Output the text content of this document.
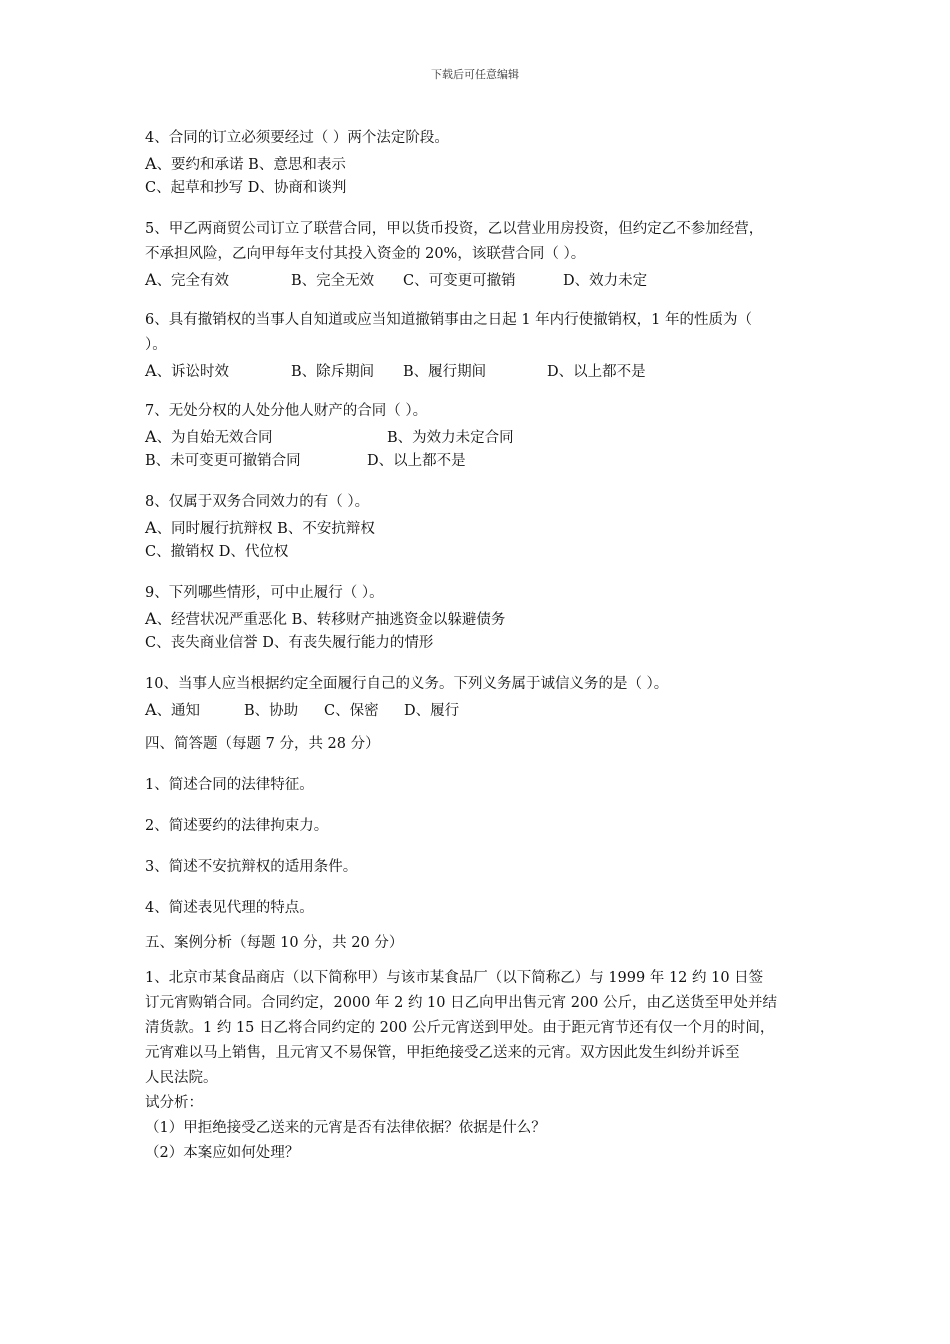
下载后可任意编辑
4、合同的订立必须要经过（ ）两个法定阶段。
A、要约和承诺 B、意思和表示
C、起草和抄写 D、协商和谈判
5、甲乙两商贸公司订立了联营合同，甲以货币投资，乙以营业用房投资，但约定乙不参加经营，
不承担风险，乙向甲每年支付其投入资金的 20%，该联营合同（ ）。
A、完全有效	B、完全无效 C、可变更可撤销	D、效力未定
6、具有撤销权的当事人自知道或应当知道撤销事由之日起 1 年内行使撤销权，1 年的性质为（
）。
A、诉讼时效	B、除斥期间 B、履行期间	D、以上都不是
7、无处分权的人处分他人财产的合同（ ）。
A、为自始无效合同	B、为效力未定合同
B、未可变更可撤销合同	D、以上都不是
8、仅属于双务合同效力的有（ ）。
A、同时履行抗辩权 B、不安抗辩权
C、撤销权 D、代位权
9、下列哪些情形，可中止履行（ ）。
A、经营状况严重恶化 B、转移财产抽逃资金以躲避债务
C、丧失商业信誉 D、有丧失履行能力的情形
10、当事人应当根据约定全面履行自己的义务。下列义务属于诚信义务的是（ ）。
A、通知	B、协助 C、保密 D、履行
四、简答题（每题 7 分，共 28 分）
1、简述合同的法律特征。
2、简述要约的法律拘束力。
3、简述不安抗辩权的适用条件。
4、简述表见代理的特点。
五、案例分析（每题 10 分，共 20 分）
1、北京市某食品商店（以下简称甲）与该市某食品厂（以下简称乙）与 1999 年 12 约 10 日签
订元宵购销合同。合同约定，2000 年 2 约 10 日乙向甲出售元宵 200 公斤，由乙送货至甲处并结
清货款。1 约 15 日乙将合同约定的 200 公斤元宵送到甲处。由于距元宵节还有仅一个月的时间，
元宵难以马上销售，且元宵又不易保管，甲拒绝接受乙送来的元宵。双方因此发生纠纷并诉至
人民法院。
试分析：
（1）甲拒绝接受乙送来的元宵是否有法律依据？依据是什么？
（2）本案应如何处理？
